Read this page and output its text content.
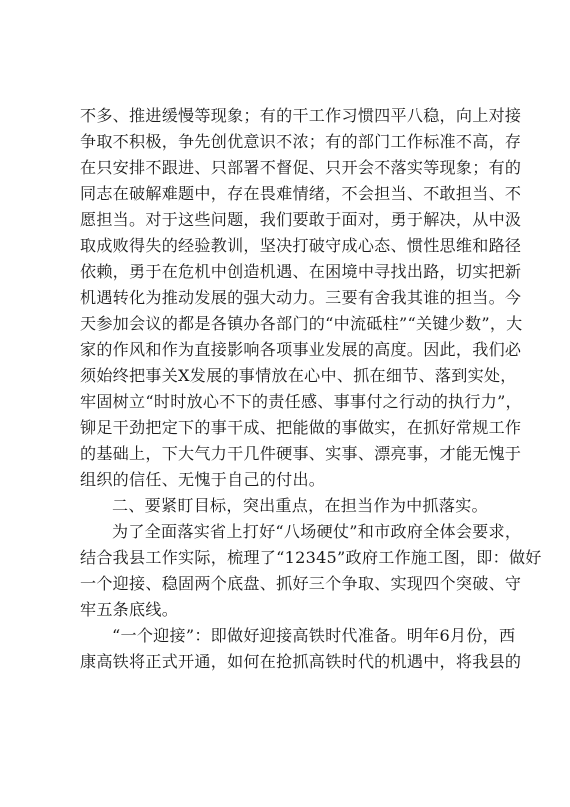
不多、推进缓慢等现象；有的干工作习惯四平八稳，向上对接
争取不积极，争先创优意识不浓；有的部门工作标准不高，存
在只安排不跟进、只部署不督促、只开会不落实等现象；有的
同志在破解难题中，存在畏难情绪，不会担当、不敢担当、不
愿担当。对于这些问题，我们要敢于面对，勇于解决，从中汲
取成败得失的经验教训，坚决打破守成心态、惯性思维和路径
依赖，勇于在危机中创造机遇、在困境中寻找出路，切实把新
机遇转化为推动发展的强大动力。三要有舍我其谁的担当。今
天参加会议的都是各镇办各部门的“中流砥柱”“关键少数”，大
家的作风和作为直接影响各项事业发展的高度。因此，我们必
须始终把事关X发展的事情放在心中、抓在细节、落到实处，
牢固树立“时时放心不下的责任感、事事付之行动的执行力”，
铆足干劲把定下的事干成、把能做的事做实，在抓好常规工作
的基础上，下大气力干几件硬事、实事、漂亮事，才能无愧于
组织的信任、无愧于自己的付出。
二、要紧盯目标，突出重点，在担当作为中抓落实。
为了全面落实省上打好“八场硬仗”和市政府全体会要求，
结合我县工作实际，梳理了“12345”政府工作施工图，即：做好
一个迎接、稳固两个底盘、抓好三个争取、实现四个突破、守
牢五条底线。
“一个迎接”：即做好迎接高铁时代准备。明年6月份，西
康高铁将正式开通，如何在抢抓高铁时代的机遇中，将我县的
